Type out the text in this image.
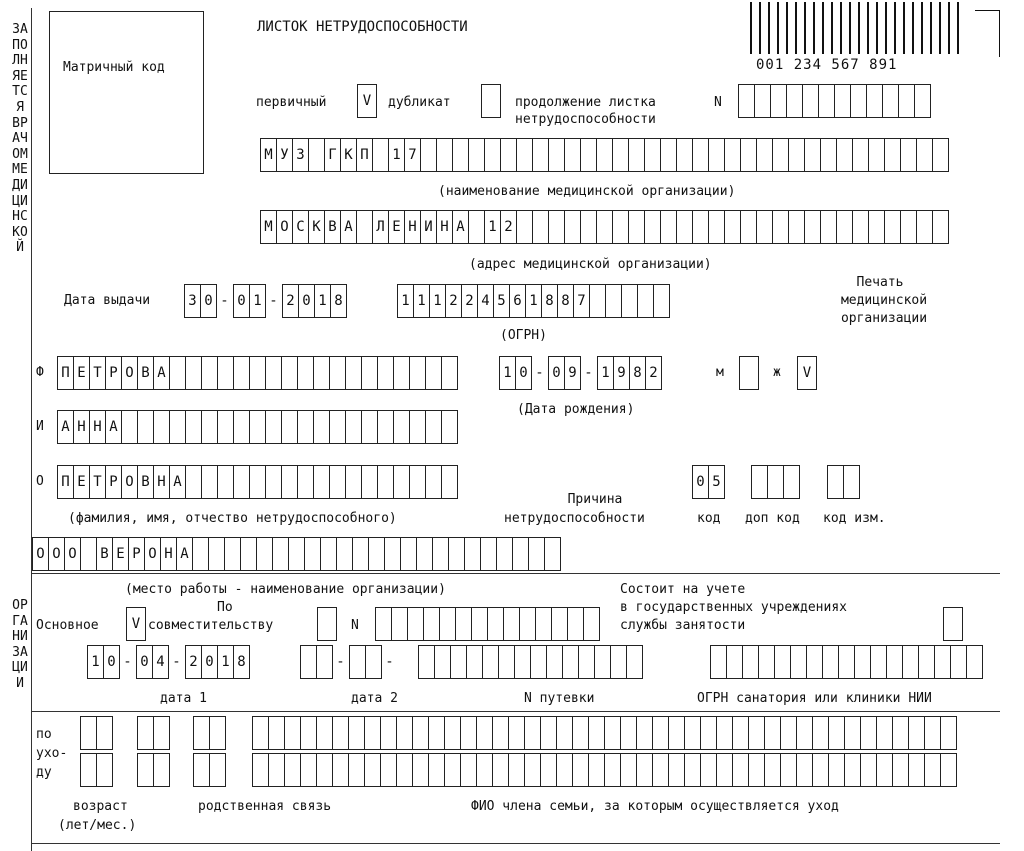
ЗАПОЛНЯЕТСЯ ВРАЧОМ МЕДИЦИНСКОЙ
ОРГАНИЗАЦИИ
Матричный код
ЛИСТОК НЕТРУДОСПОСОБНОСТИ
001 234 567 891
первичный	V	дубликат	продолжение листка
нетрудоспособности
N
М У З	Г К П	1 7
(наименование медицинской организации)
М О С К В А	Л Е Н И Н А	1 2
(адрес медицинской организации)
Дата выдачи	3 0 - 0 1 - 2 0 1 8	1 1 1 2 2 4 5 6 1 8 8 7
(ОГРН)
Печать
медицинской
организации
Ф	П Е Т Р О В А	1 0 - 0 9 - 1 9 8 2	м	ж	V
(Дата рождения)
И	А Н Н А
О	П Е Т Р О В Н А	0 5
(фамилия, имя, отчество нетрудоспособного)
Причина
нетрудоспособности	код доп код код изм.
О О О	В Е Р О Н А
(место работы - наименование организации)	Состоит на учете
в государственных учреждениях
службы занятости
Основное	V
По
совместительству	N
1 0 - 0 4 - 2 0 1 8	-	-
дата 1	дата 2	N путевки	ОГРН санатория или клиники НИИ
по
ухо-
ду
возраст
(лет/мес.)
родственная связь	ФИО члена семьи, за которым осуществляется уход
